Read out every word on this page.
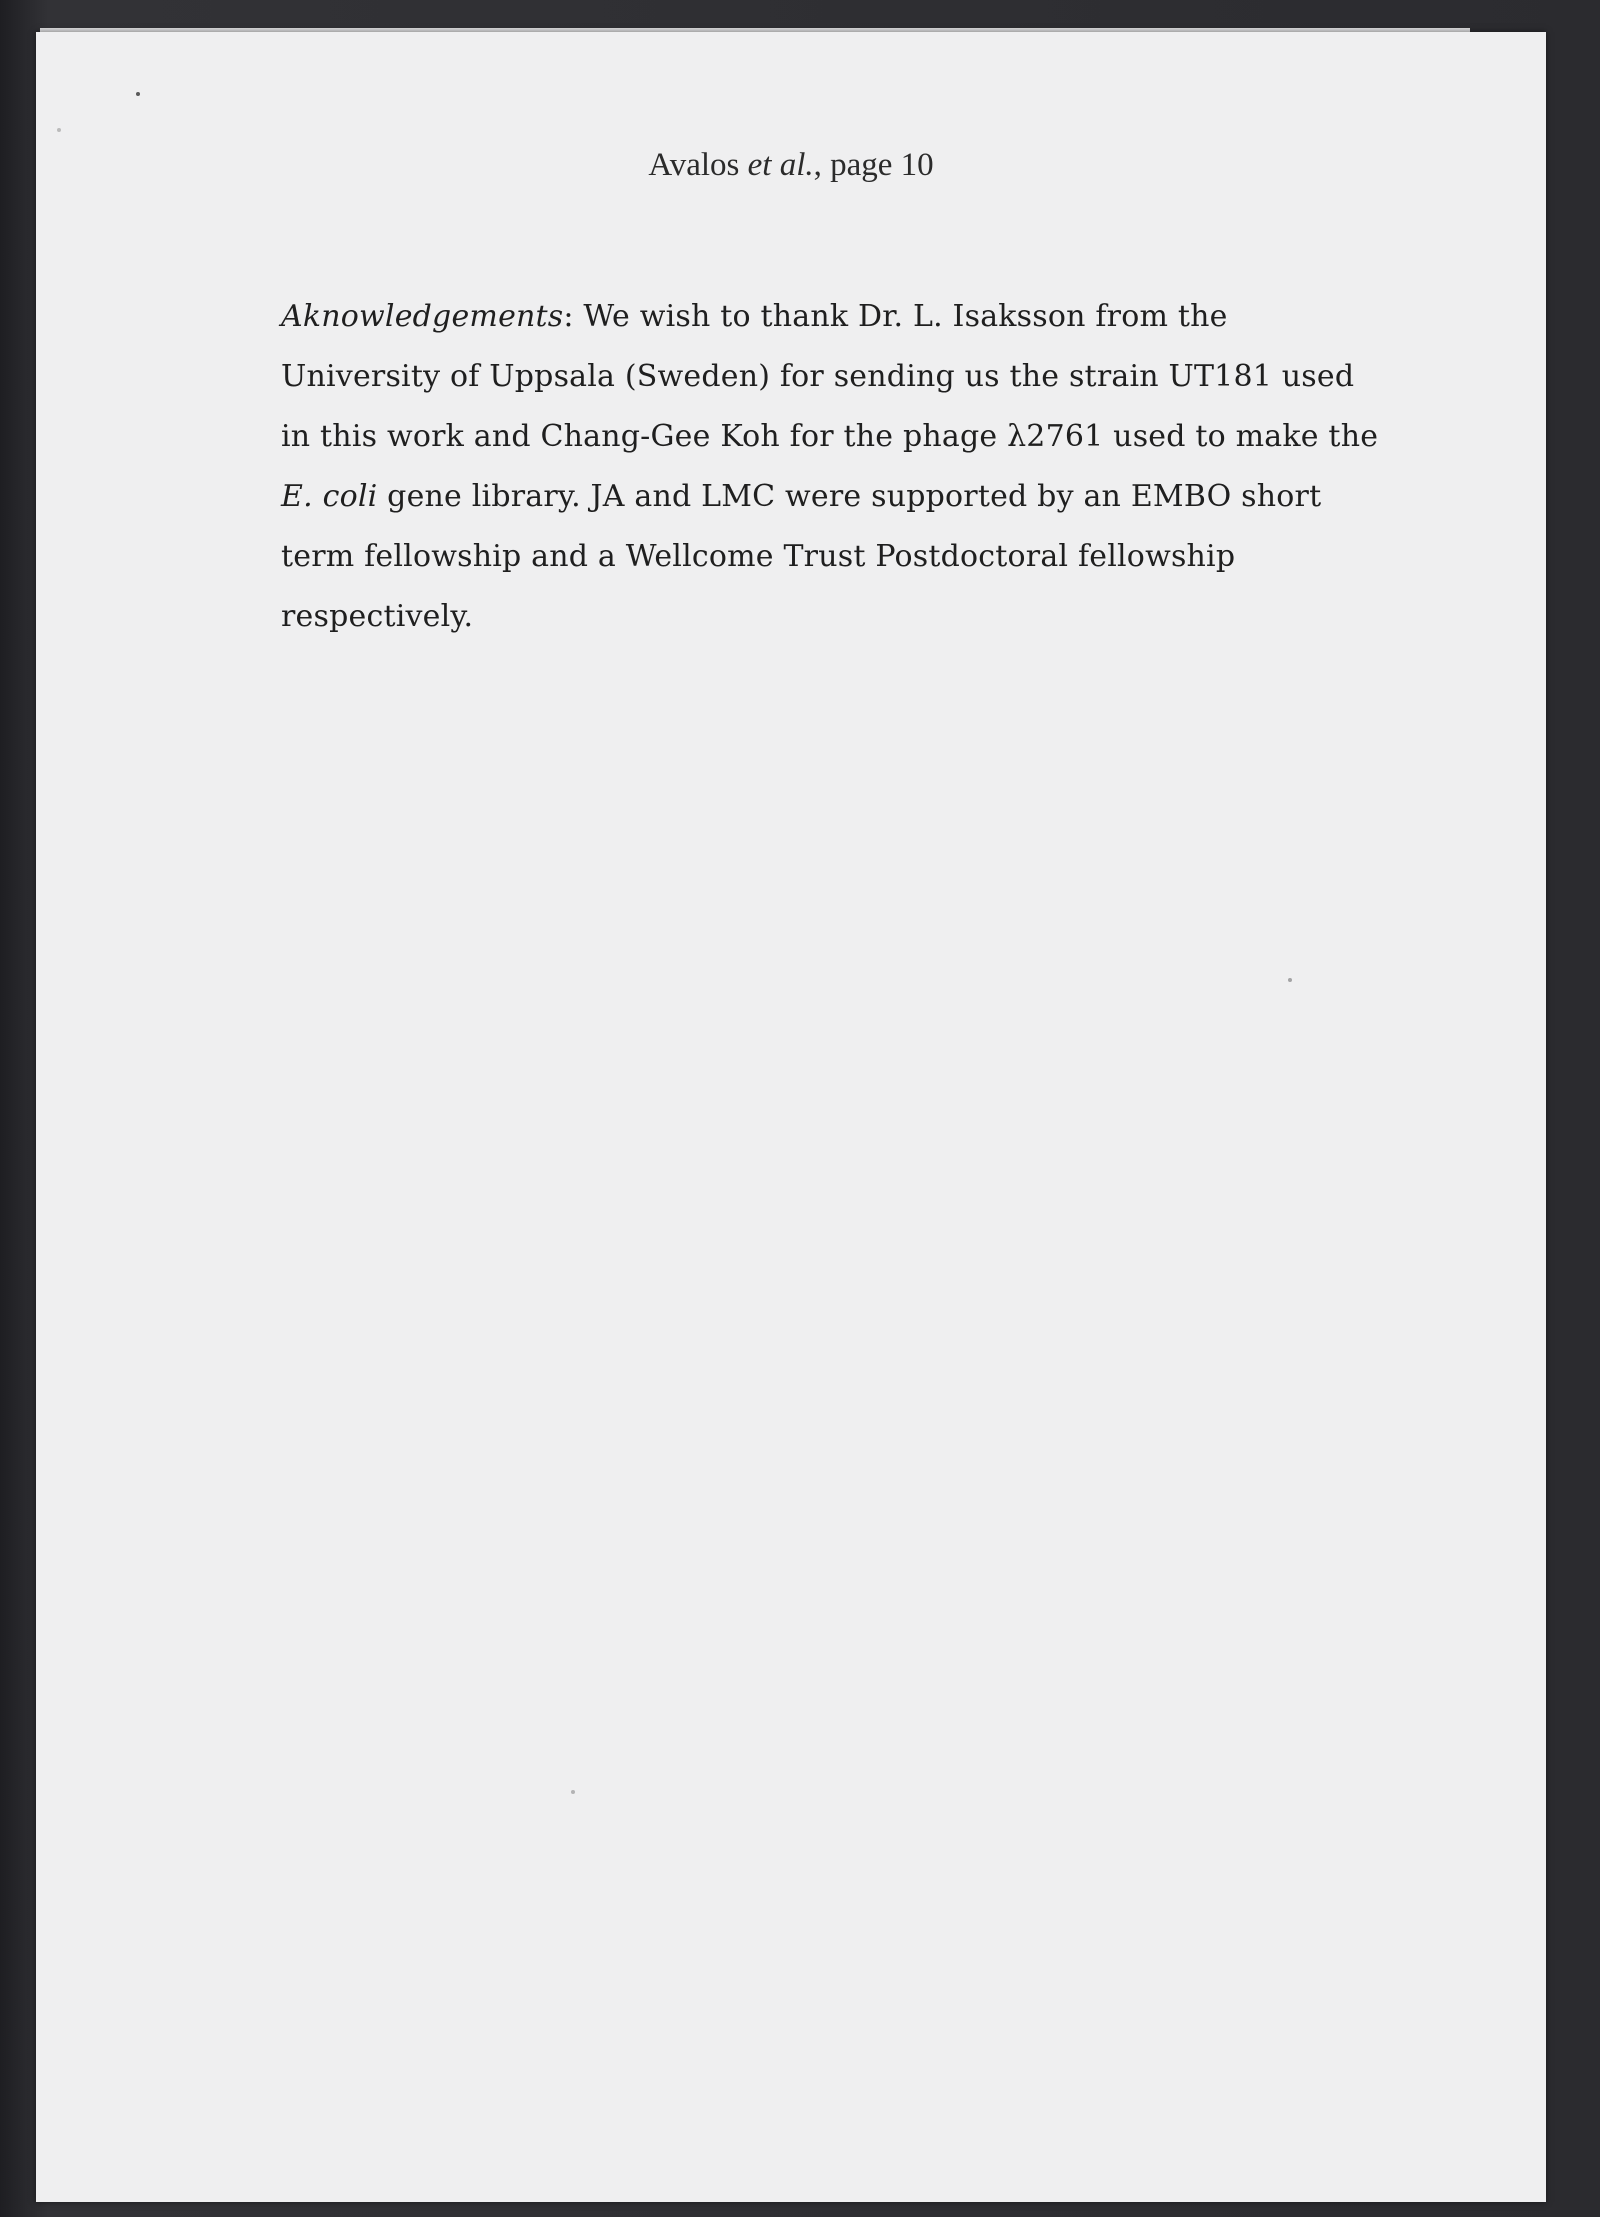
Avalos et al., page 10

Aknowledgements: We wish to thank Dr. L. Isaksson from the

University of Uppsala (Sweden) for sending us the strain UT181 used

in this work and Chang-Gee Koh for the phage λ2761 used to make the

E. coli gene library. JA and LMC were supported by an EMBO short

term fellowship and a Wellcome Trust Postdoctoral fellowship

respectively.
